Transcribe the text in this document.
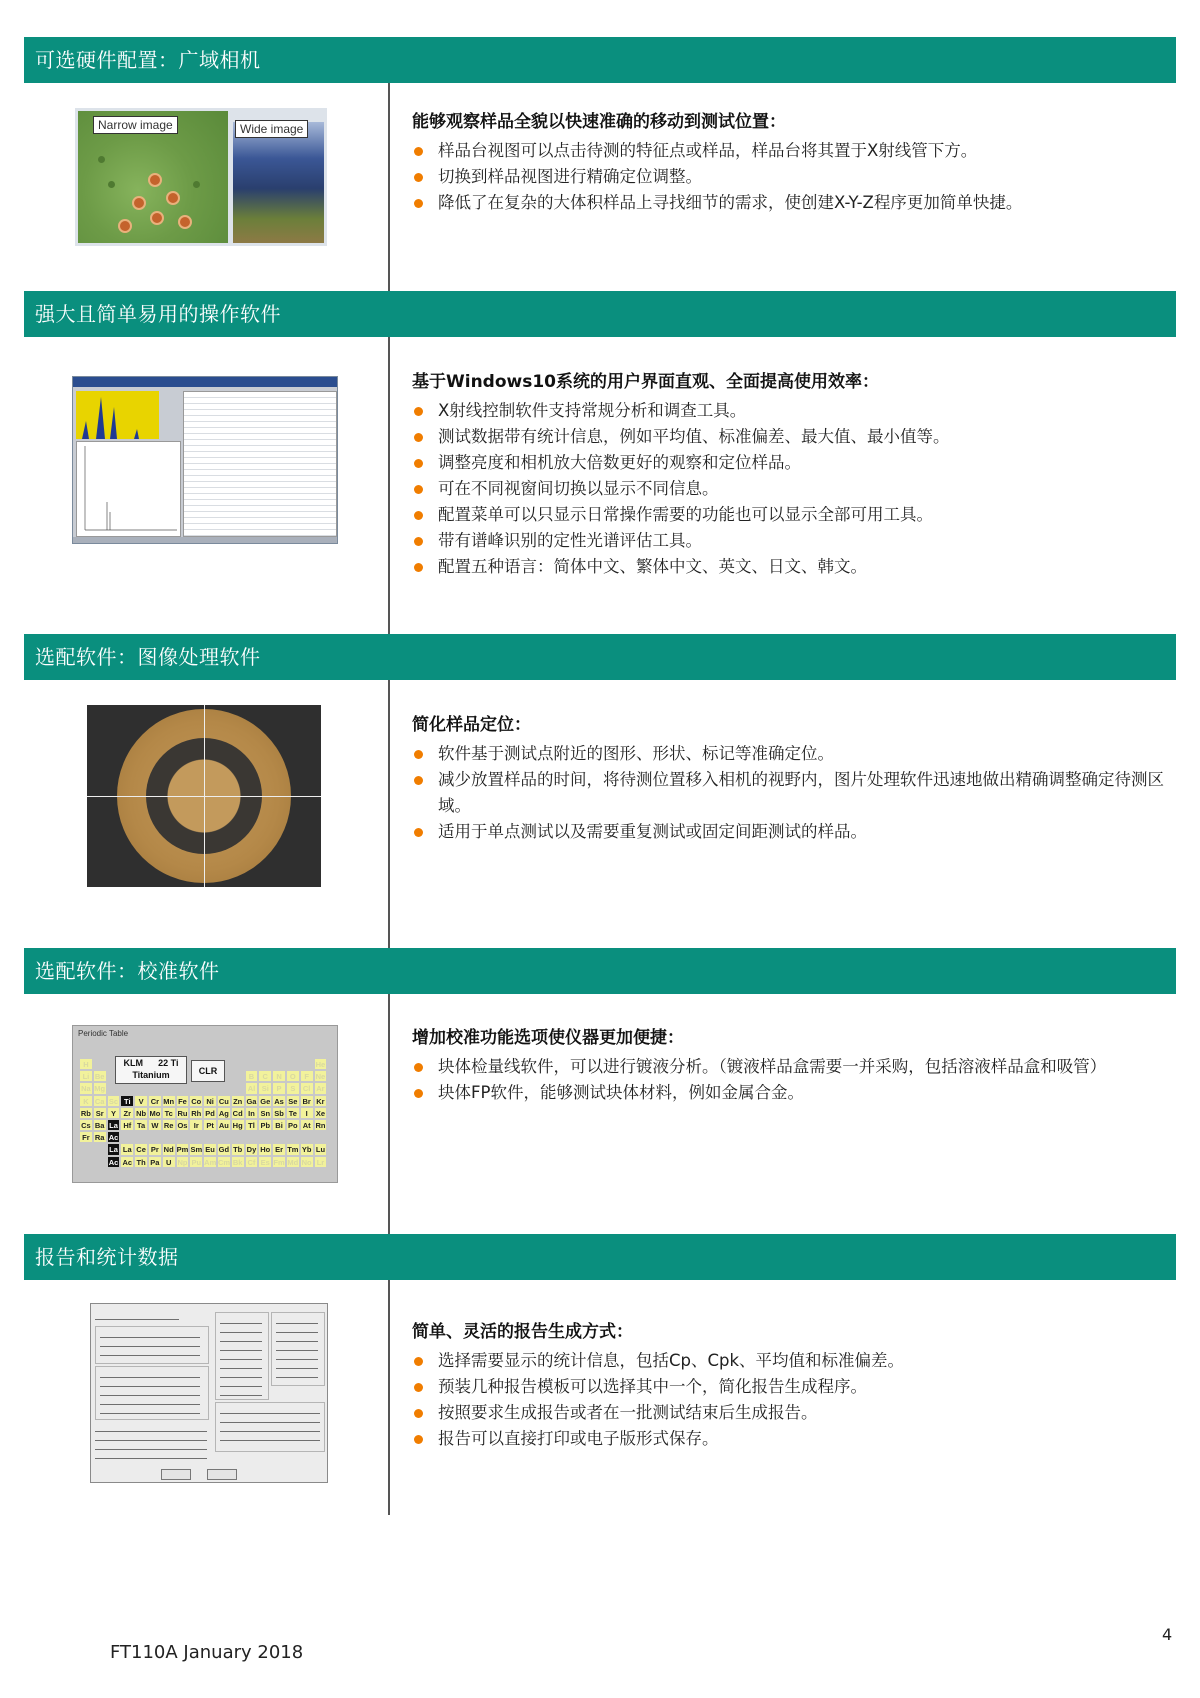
可选硬件配置：广域相机
Narrow image	Wide image	能够观察样品全貌以快速准确的移动到测试位置：
样品台视图可以点击待测的特征点或样品，样品台将其置于X射线管下方。
切换到样品视图进行精确定位调整。
降低了在复杂的大体积样品上寻找细节的需求，使创建X-Y-Z程序更加简单快捷。
强大且简单易用的操作软件
基于Windows10系统的用户界面直观、全面提高使用效率：
X射线控制软件支持常规分析和调查工具。
测试数据带有统计信息，例如平均值、标准偏差、最大值、最小值等。
调整亮度和相机放大倍数更好的观察和定位样品。
可在不同视窗间切换以显示不同信息。
配置菜单可以只显示日常操作需要的功能也可以显示全部可用工具。
带有谱峰识别的定性光谱评估工具。
配置五种语言：简体中文、繁体中文、英文、日文、韩文。
选配软件：图像处理软件
简化样品定位：
软件基于测试点附近的图形、形状、标记等准确定位。
减少放置样品的时间，将待测位置移入相机的视野内，图片处理软件迅速地做出精确调整确定待测区域。
适用于单点测试以及需要重复测试或固定间距测试的样品。
选配软件：校准软件
Periodic Table
H	He
Li Be	B	C	N	O	F Ne
Na Mg	Al Si	P	S	Cl Ar
K Ca Sc Ti	V Cr Mn Fe Co Ni Cu Zn Ga Ge As Se Br Kr
Rb Sr Y	Zr Nb Mo Tc Ru Rh Pd Ag Cd In Sn Sb Te	I	Xe
Cs Ba La Hf Ta W Re Os Ir	Pt Au Hg Tl Pb Bi Po At Rn
Fr Ra Ac
La La Ce Pr Nd Pm Sm Eu Gd Tb Dy Ho Er Tm Yb Lu
Ac Ac Th Pa U Np Pu Am Cm Bk Cf Es Fm Md No Lr
KLM 22 Ti
Titanium	CLR
增加校准功能选项使仪器更加便捷：
块体检量线软件，可以进行镀液分析。（镀液样品盒需要一并采购，包括溶液样品盒和吸管）
块体FP软件，能够测试块体材料，例如金属合金。
报告和统计数据
简单、灵活的报告生成方式：
选择需要显示的统计信息，包括Cp、Cpk、平均值和标准偏差。
预装几种报告模板可以选择其中一个，简化报告生成程序。
按照要求生成报告或者在一批测试结束后生成报告。
报告可以直接打印或电子版形式保存。
FT110A January 2018
4
